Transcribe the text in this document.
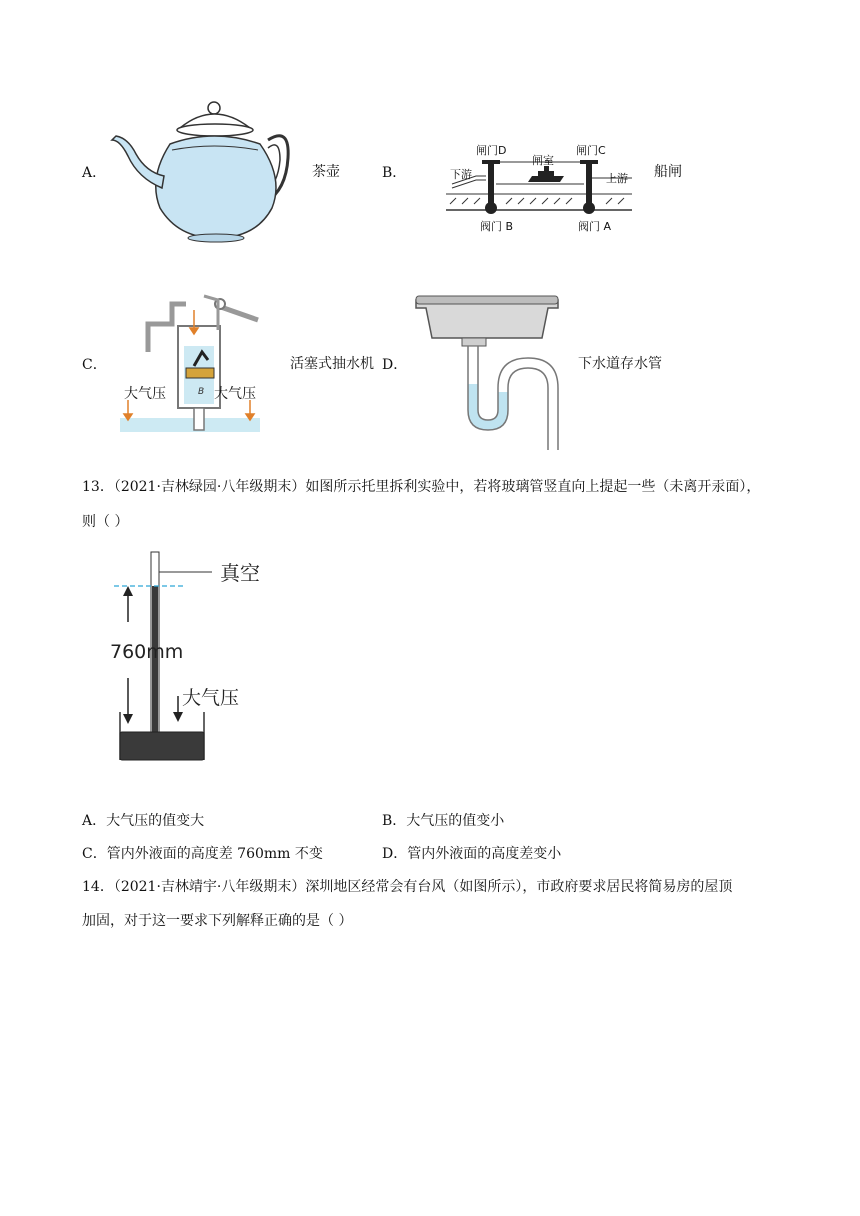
A．	茶壶	B．
闸门D
闸室
闸门C
下游	上游
阀门 B	阀门 A
船闸
C．
大气压	大气压
B
活塞式抽水机 D．	下水道存水管
13．（2021·吉林绿园·八年级期末）如图所示托里拆利实验中，若将玻璃管竖直向上提起一些（未离开汞面），
则（ ）
真空
760mm
大气压
A．大气压的值变大	B．大气压的值变小
C．管内外液面的高度差 760mm 不变	D．管内外液面的高度差变小
14．（2021·吉林靖宇·八年级期末）深圳地区经常会有台风（如图所示），市政府要求居民将简易房的屋顶
加固，对于这一要求下列解释正确的是（ ）
